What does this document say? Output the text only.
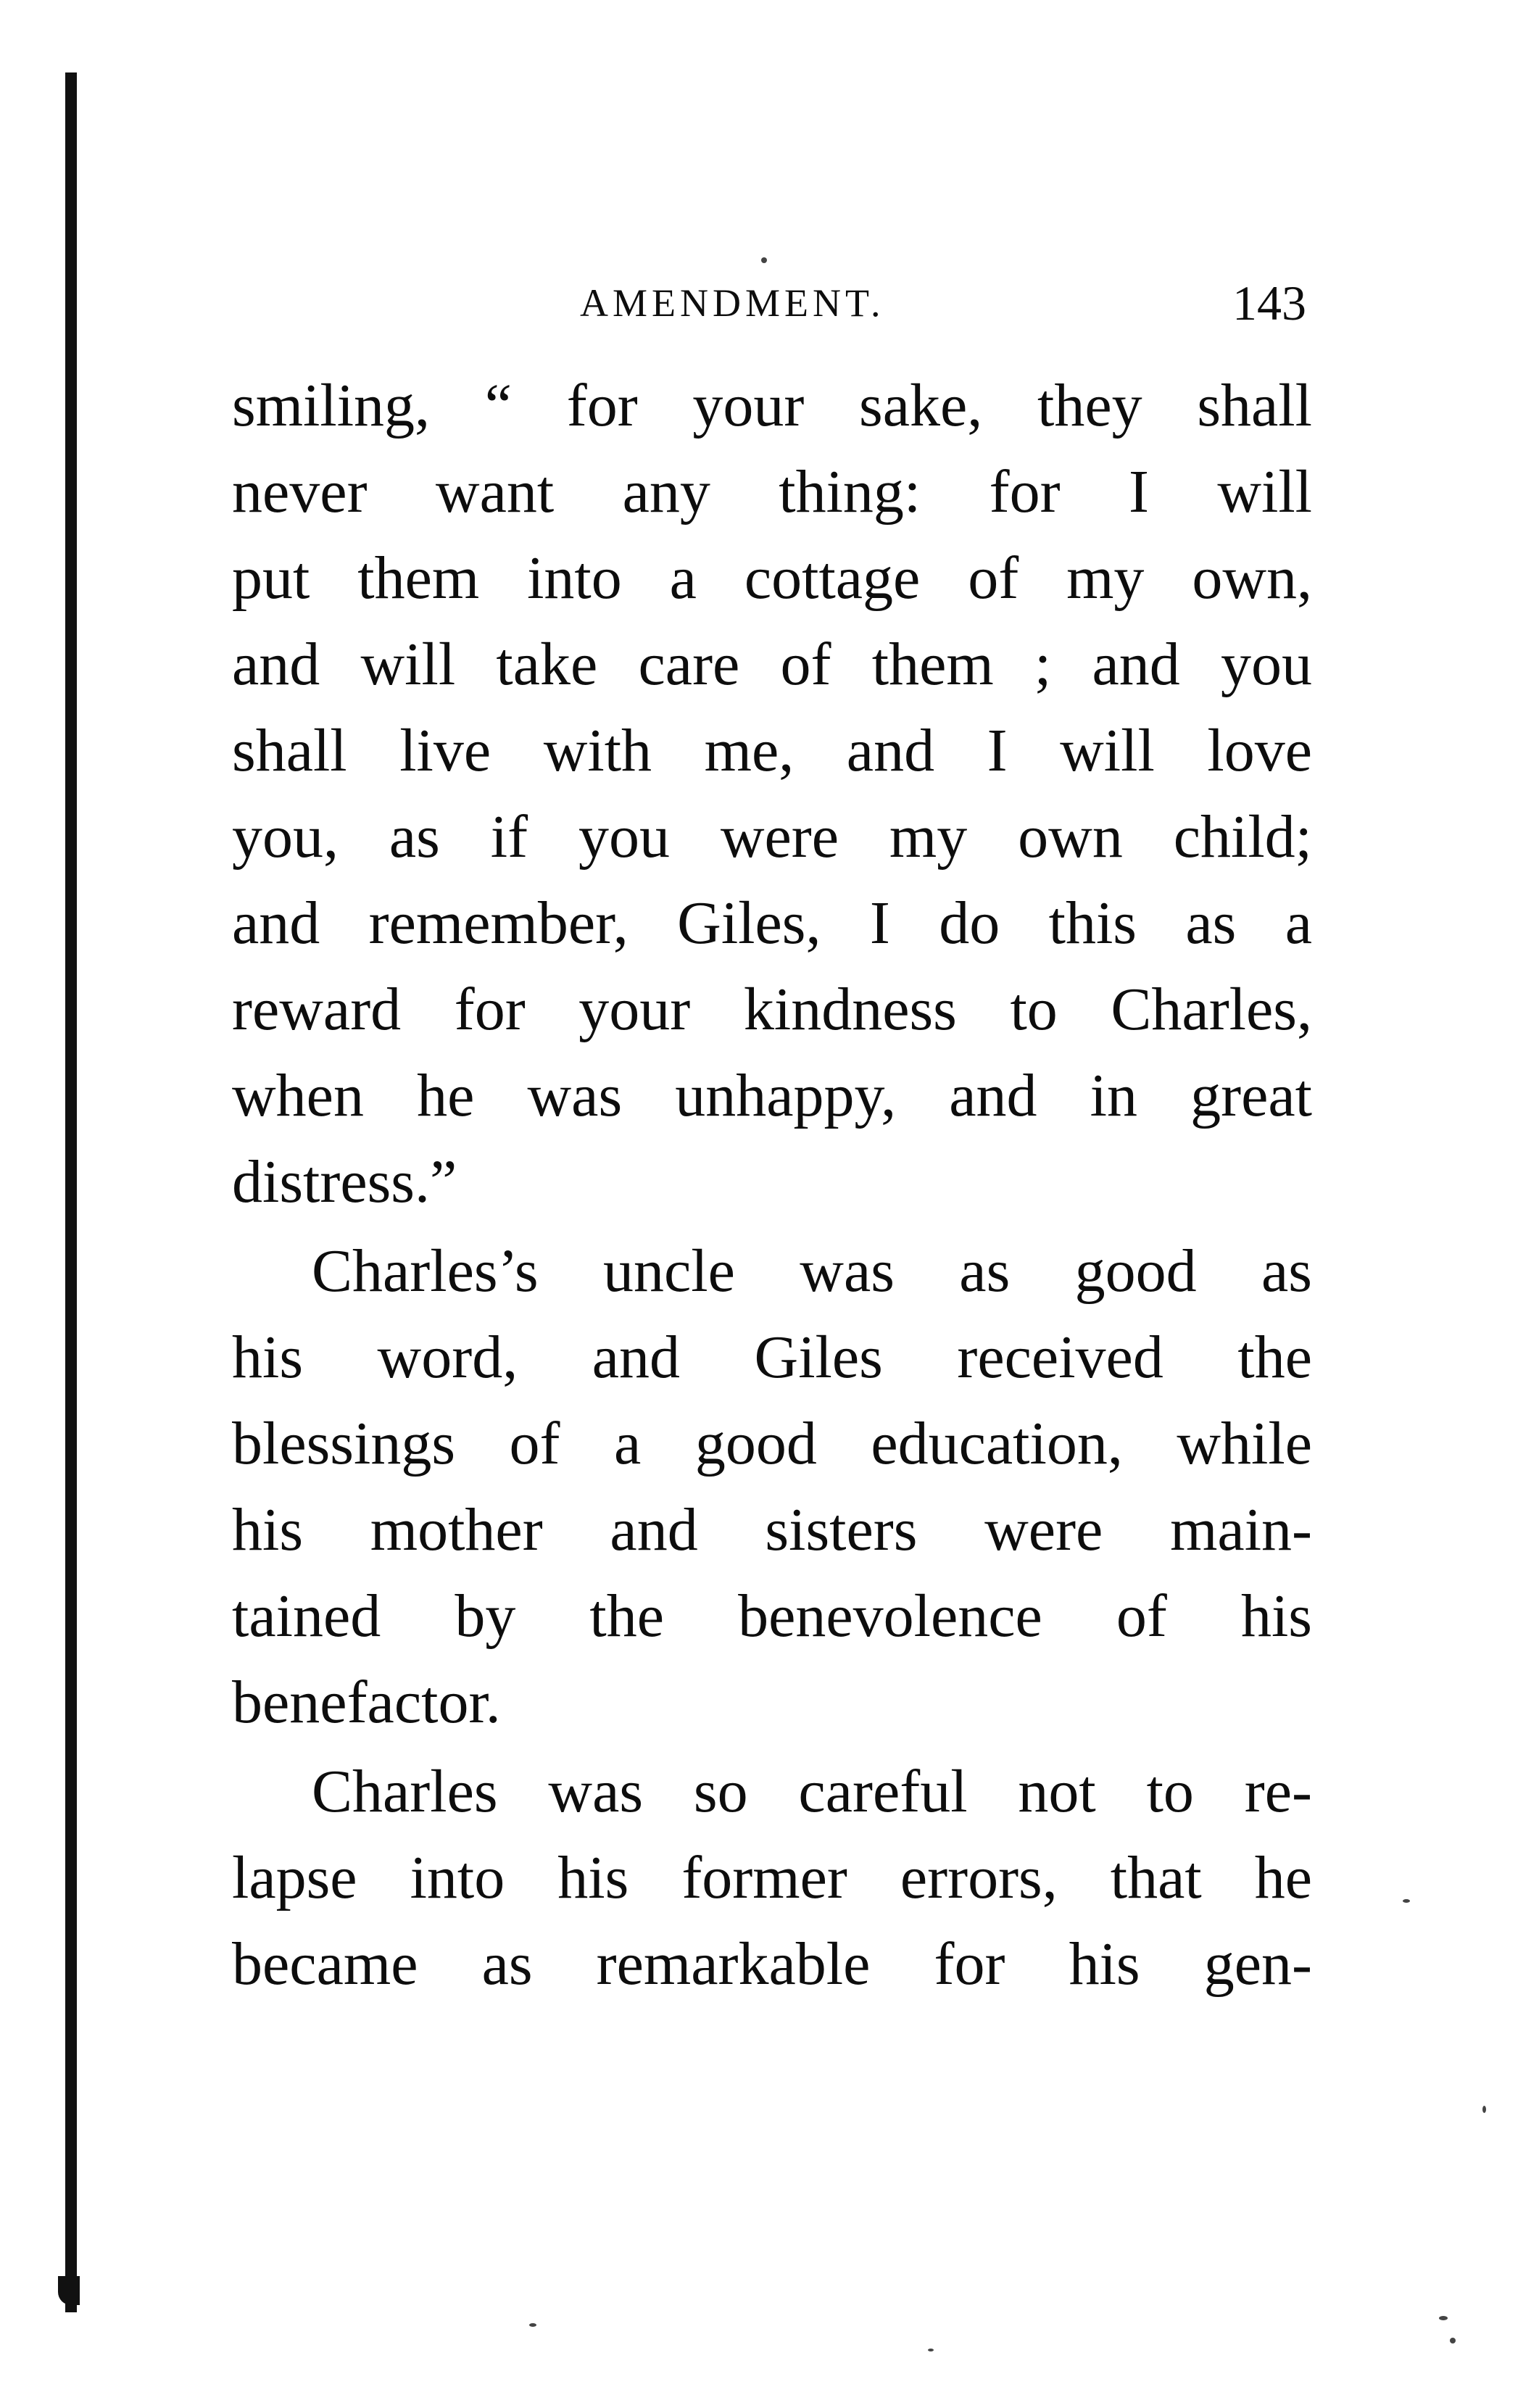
AMENDMENT.	143
smiling, “ for your sake, they shall
never want any thing: for I will
put them into a cottage of my own,
and will take care of them ; and you
shall live with me, and I will love
you, as if you were my own child;
and remember, Giles, I do this as a
reward for your kindness to Charles,
when he was unhappy, and in great
distress.”
Charles’s uncle was as good as
his word, and Giles received the
blessings of a good education, while
his mother and sisters were main-
tained by the benevolence of his
benefactor.
Charles was so careful not to re-
lapse into his former errors, that he
became as remarkable for his gen-
